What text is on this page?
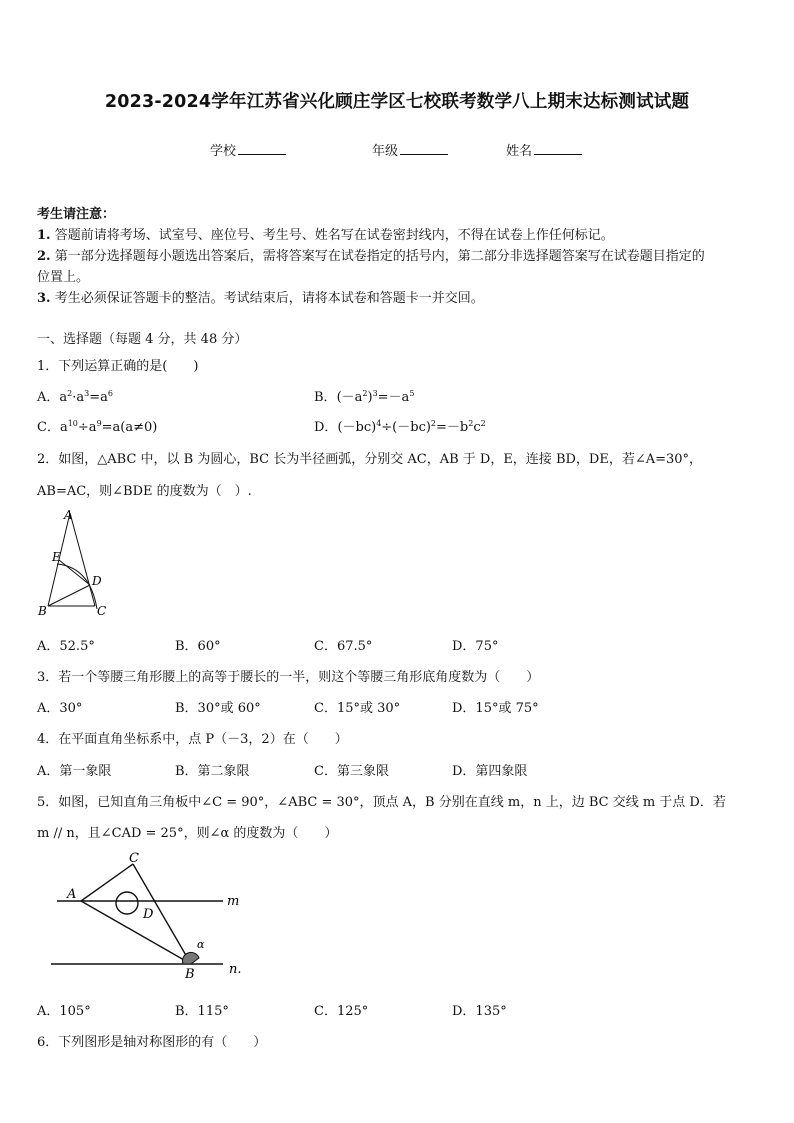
2023-2024学年江苏省兴化顾庄学区七校联考数学八上期末达标测试试题
学校	年级	姓名
考生请注意：
1. 答题前请将考场、试室号、座位号、考生号、姓名写在试卷密封线内，不得在试卷上作任何标记。
2. 第一部分选择题每小题选出答案后，需将答案写在试卷指定的括号内，第二部分非选择题答案写在试卷题目指定的
位置上。
3. 考生必须保证答题卡的整洁。考试结束后，请将本试卷和答题卡一并交回。
一、选择题（每题 4 分，共 48 分）
1．下列运算正确的是(　　)
A．$a^2\cdot a^3=a^6$	B．$(-a^2)^3=-a^5$
C．$a^{10}\div a^9=a(a\ne 0)$	D．$(-bc)^4\div(-bc)^2=-b^2c^2$
2．如图，△ABC 中，以 B 为圆心，BC 长为半径画弧，分别交 AC，AB 于 D，E，连接 BD，DE，若∠A=30°，
AB=AC，则∠BDE 的度数为（　）.
A
E
D
B	C
A．52.5°	B．60°	C．67.5°	D．75°
3．若一个等腰三角形腰上的高等于腰长的一半，则这个等腰三角形底角度数为（　　）
A．30°	B．30°或 60°	C．15°或 30°	D．15°或 75°
4．在平面直角坐标系中，点 P（－3，2）在（　　）
A．第一象限	B．第二象限	C．第三象限	D．第四象限
5．如图，已知直角三角板中∠C = 90°，∠ABC = 30°，顶点 A，B 分别在直线 m，n 上，边 BC 交线 m 于点 D．若
m // n，且∠CAD = 25°，则∠α 的度数为（　　）
C
A
D
m
α
B	n.
A．105°	B．115°	C．125°	D．135°
6．下列图形是轴对称图形的有（　　）
